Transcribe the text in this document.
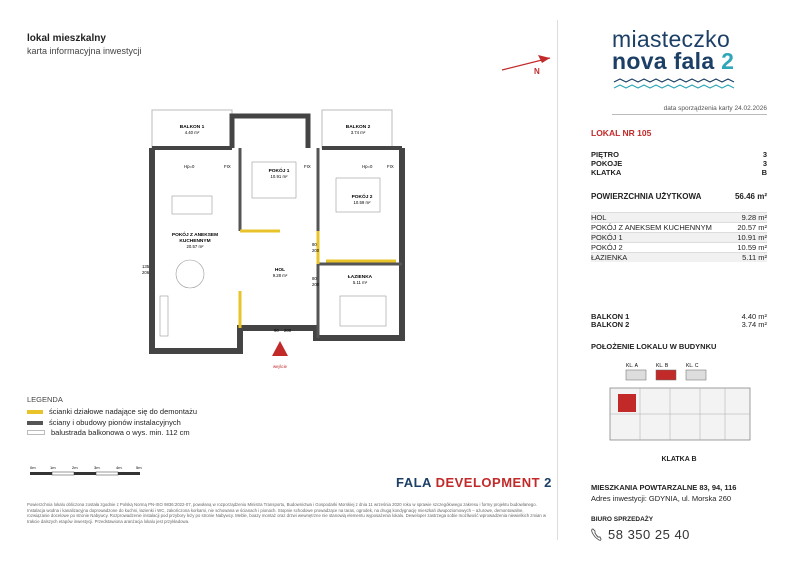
lokal mieszkalny
karta informacyjna inwestycji
N
BALKON 1
4.40 m²
BALKON 2
3.74 m²
POKÓJ 1
10.91 m²
POKÓJ 2
10.59 m²
POKÓJ Z ANEKSEM
KUCHENNYM
20.57 m²
HOL
9.28 m²	ŁAZIENKA
5.11 m²
FIX	FIX	FIX
Hp=0	Hp=0
80
200
80
200
90 200
135
206
wejście
LEGENDA
ścianki działowe nadające się do demontażu
ściany i obudowy pionów instalacyjnych
balustrada balkonowa o wys. min. 112 cm
0m	1m	2m	3m	4m	5m
FALA DEVELOPMENT 2
Powierzchnia lokalu obliczona została zgodnie z Polską Normą PN-ISO 9836:2022-07, powołaną w rozporządzeniu Ministra Transportu, Budownictwa i Gospodarki Morskiej z dnia 11 września 2020 roku w sprawie szczegółowego zakresu i formy projektu budowlanego. Instalacja wodna i kanalizacyjna doprowadzone do kuchni, łazienki i WC, zakończona korkami, nie schowana w ścianach i pionach. Stopnie schodowe prowadzące na taras, ogrodek, na drugą kondygnację mieszkań dwupoziomowych – ażurowe, demontowalne, rozwiązanie docelowe po stronie Nabywcy. Rozprowadzenie instalacji pod przybory leży po stronie Nabywcy. Meble, boazy montaż oraz drzwi wewnętrzne nie stanowią elementu wyposażenia lokalu. Deweloper zastrzega sobie możliwość wprowadzenia niewielkich zmian w trakcie dalszych etapów inwestycji. Przedstawiona aranżacja lokalu jest przykładowa.
miasteczko
nova fala 2
data sporządzenia karty 24.02.2026
LOKAL NR 105
PIĘTRO	3
POKOJE	3
KLATKA	B
POWIERZCHNIA UŻYTKOWA	56.46 m²
HOL	9.28 m²
POKÓJ Z ANEKSEM KUCHENNYM	20.57 m²
POKÓJ 1	10.91 m²
POKÓJ 2	10.59 m²
ŁAZIENKA	5.11 m²
BALKON 1	4.40 m²
BALKON 2	3.74 m²
POŁOŻENIE LOKALU W BUDYNKU
KL. A	KL. B	KL. C
KLATKA B
MIESZKANIA POWTARZALNE 83, 94, 116
Adres inwestycji: GDYNIA, ul. Morska 260
BIURO SPRZEDAŻY
58 350 25 40
